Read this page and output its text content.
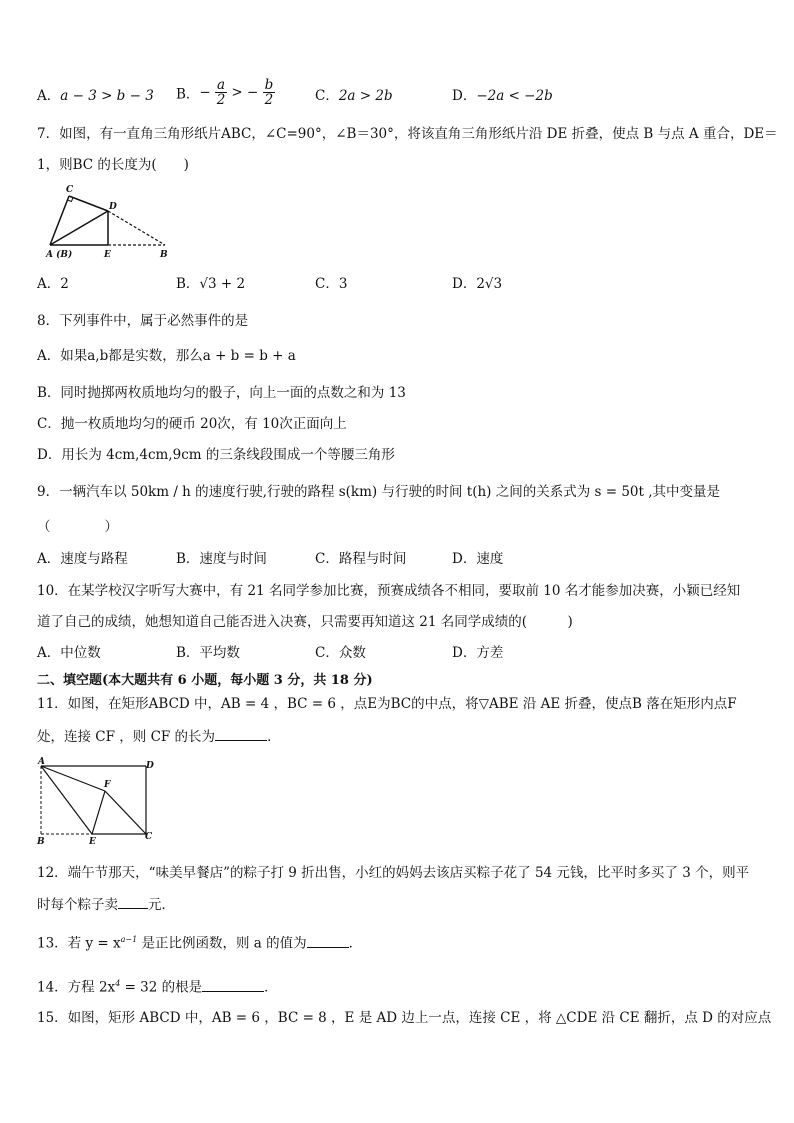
A．a − 3 > b − 3 B．− $\frac{a}{2}$ > − $\frac{b}{2}$	C．2a > 2b	D．−2a < −2b
7．如图，有一直角三角形纸片ABC，∠C=90°，∠B＝30°，将该直角三角形纸片沿 DE 折叠，使点 B 与点 A 重合，DE＝
1，则BC 的长度为(　　)
C
D
A (B)	E	B
A．2	B．√3 + 2	C．3	D．2√3
8．下列事件中，属于必然事件的是
A．如果a,b都是实数，那么a + b = b + a
B．同时抛掷两枚质地均匀的骰子，向上一面的点数之和为 13
C．抛一枚质地均匀的硬币 20次，有 10次正面向上
D．用长为 4cm,4cm,9cm 的三条线段围成一个等腰三角形
9．一辆汽车以 50km / h 的速度行驶,行驶的路程 s(km) 与行驶的时间 t(h) 之间的关系式为 s = 50t ,其中变量是
（　　　　）
A．速度与路程	B．速度与时间	C．路程与时间	D．速度
10．在某学校汉字听写大赛中，有 21 名同学参加比赛，预赛成绩各不相同，要取前 10 名才能参加决赛，小颖已经知
道了自己的成绩，她想知道自己能否进入决赛，只需要再知道这 21 名同学成绩的(　　　)
A．中位数	B．平均数	C．众数	D．方差
二、填空题(本大题共有 6 小题，每小题 3 分，共 18 分)
11．如图，在矩形ABCD 中，AB = 4 ，BC = 6 ，点E为BC的中点，将▽ABE 沿 AE 折叠，使点B 落在矩形内点F
处，连接 CF ，则 CF 的长为	．
A	D
F
B	E	C
12．端午节那天，“味美早餐店”的粽子打 9 折出售，小红的妈妈去该店买粽子花了 54 元钱，比平时多买了 3 个，则平
时每个粽子卖 元．
13．若 $y = x^{a-1}$ 是正比例函数，则 a 的值为	．
14．方程 $2x^4 = 32$ 的根是	．
15．如图，矩形 ABCD 中，AB = 6 ，BC = 8 ，E 是 AD 边上一点，连接 CE ，将 △CDE 沿 CE 翻折，点 D 的对应点
